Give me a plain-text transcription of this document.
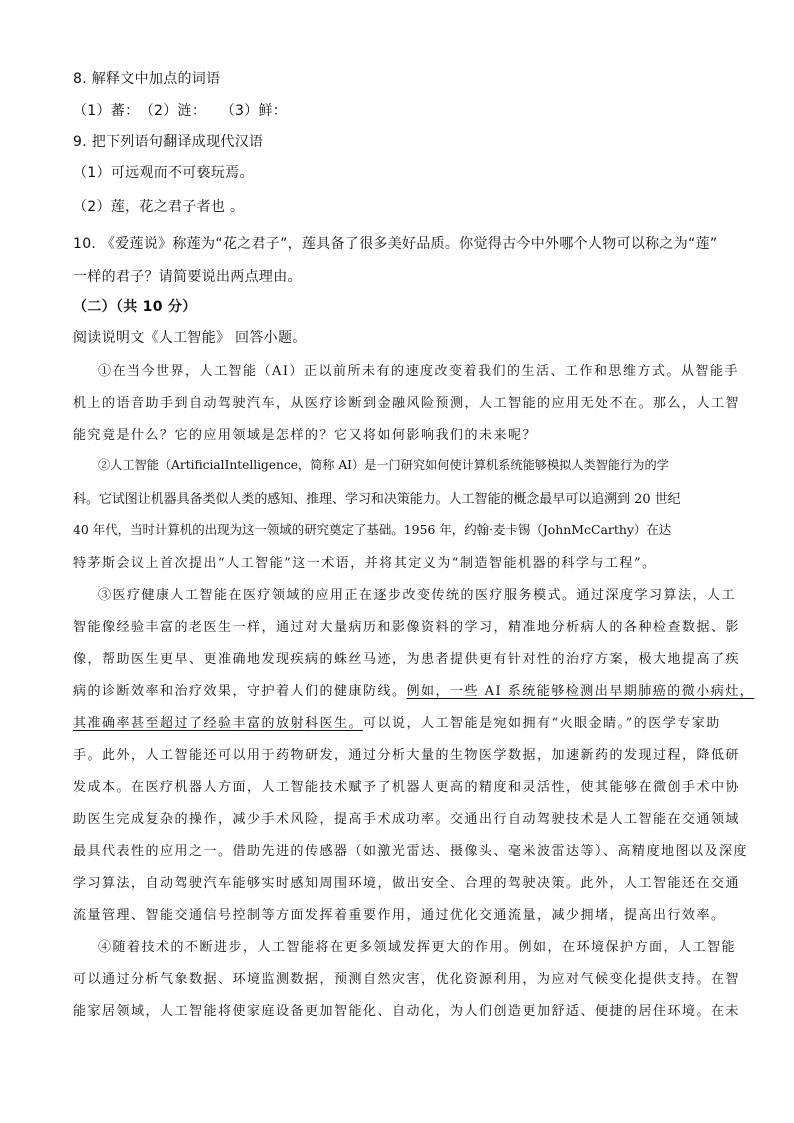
8. 解释文中加点的词语
（1）蕃：　（2）涟：　　（3）鲜：
9. 把下列语句翻译成现代汉语
（1）可远观而不可亵玩焉。
（2）莲，花之君子者也 。
10. 《爱莲说》称莲为“花之君子”，莲具备了很多美好品质。你觉得古今中外哪个人物可以称之为“莲”
一样的君子？请简要说出两点理由。
（二）（共 10 分）
阅读说明文《人工智能》 回答小题。
①在当今世界，人工智能（AI）正以前所未有的速度改变着我们的生活、工作和思维方式。从智能手
机上的语音助手到自动驾驶汽车，从医疗诊断到金融风险预测，人工智能的应用无处不在。那么，人工智
能究竟是什么？它的应用领域是怎样的？它又将如何影响我们的未来呢？
②人工智能（ArtificialIntelligence，简称 AI）是一门研究如何使计算机系统能够模拟人类智能行为的学
科。它试图让机器具备类似人类的感知、推理、学习和决策能力。人工智能的概念最早可以追溯到 20 世纪
40 年代，当时计算机的出现为这一领域的研究奠定了基础。1956 年，约翰·麦卡锡（JohnMcCarthy）在达
特茅斯会议上首次提出“人工智能”这一术语，并将其定义为“制造智能机器的科学与工程”。
③医疗健康人工智能在医疗领域的应用正在逐步改变传统的医疗服务模式。通过深度学习算法，人工
智能像经验丰富的老医生一样，通过对大量病历和影像资料的学习，精准地分析病人的各种检查数据、影
像，帮助医生更早、更准确地发现疾病的蛛丝马迹，为患者提供更有针对性的治疗方案，极大地提高了疾
病的诊断效率和治疗效果，守护着人们的健康防线。例如，一些 AI 系统能够检测出早期肺癌的微小病灶，
其准确率甚至超过了经验丰富的放射科医生。可以说，人工智能是宛如拥有“火眼金睛。”的医学专家助
手。此外，人工智能还可以用于药物研发，通过分析大量的生物医学数据，加速新药的发现过程，降低研
发成本。在医疗机器人方面，人工智能技术赋予了机器人更高的精度和灵活性，使其能够在微创手术中协
助医生完成复杂的操作，减少手术风险，提高手术成功率。交通出行自动驾驶技术是人工智能在交通领域
最具代表性的应用之一。借助先进的传感器（如激光雷达、摄像头、毫米波雷达等）、高精度地图以及深度
学习算法，自动驾驶汽车能够实时感知周围环境，做出安全、合理的驾驶决策。此外，人工智能还在交通
流量管理、智能交通信号控制等方面发挥着重要作用，通过优化交通流量，减少拥堵，提高出行效率。
④随着技术的不断进步，人工智能将在更多领域发挥更大的作用。例如，在环境保护方面，人工智能
可以通过分析气象数据、环境监测数据，预测自然灾害，优化资源利用，为应对气候变化提供支持。在智
能家居领域，人工智能将使家庭设备更加智能化、自动化，为人们创造更加舒适、便捷的居住环境。在未
